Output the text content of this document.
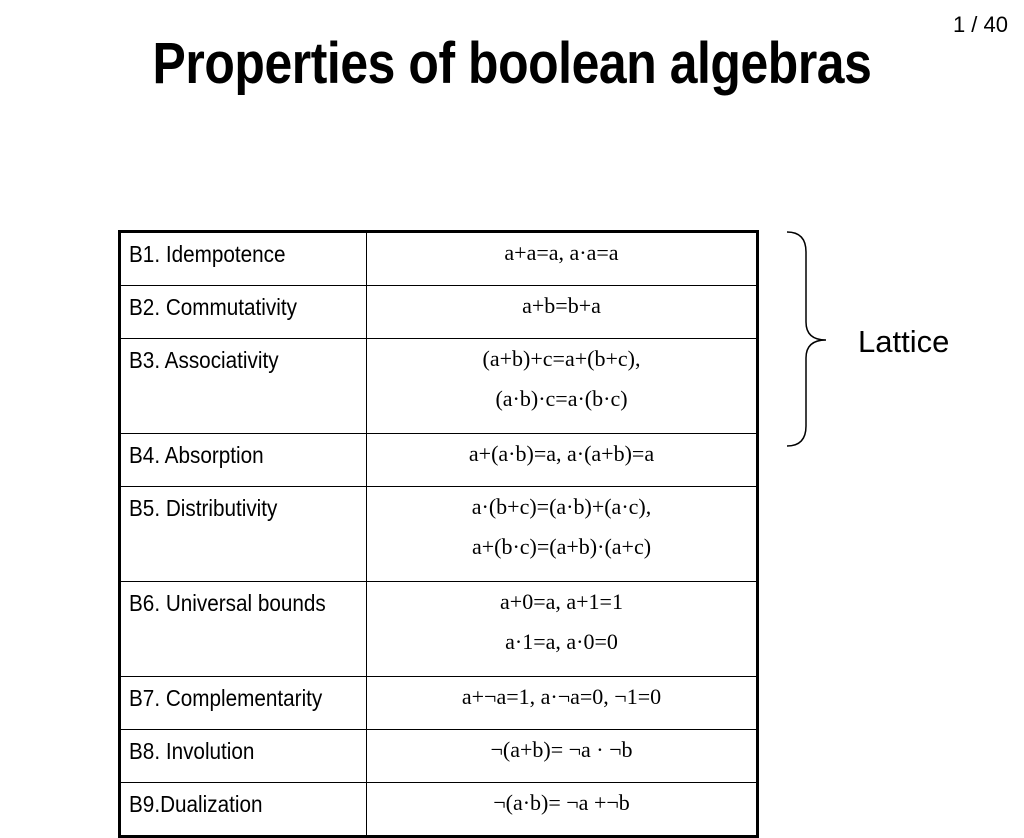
1 / 40
Properties of boolean algebras
B1. Idempotence	a+a=a, a·a=a

B2. Commutativity	a+b=b+a

B3. Associativity	(a+b)+c=a+(b+c),
(a·b)·c=a·(b·c)

B4. Absorption	a+(a·b)=a, a·(a+b)=a

B5. Distributivity	a·(b+c)=(a·b)+(a·c),
a+(b·c)=(a+b)·(a+c)

B6. Universal bounds	a+0=a, a+1=1
a·1=a, a·0=0

B7. Complementarity	a+¬a=1, a·¬a=0, ¬1=0

B8. Involution	¬(a+b)= ¬a · ¬b

B9.Dualization	¬(a·b)= ¬a +¬b
Lattice
